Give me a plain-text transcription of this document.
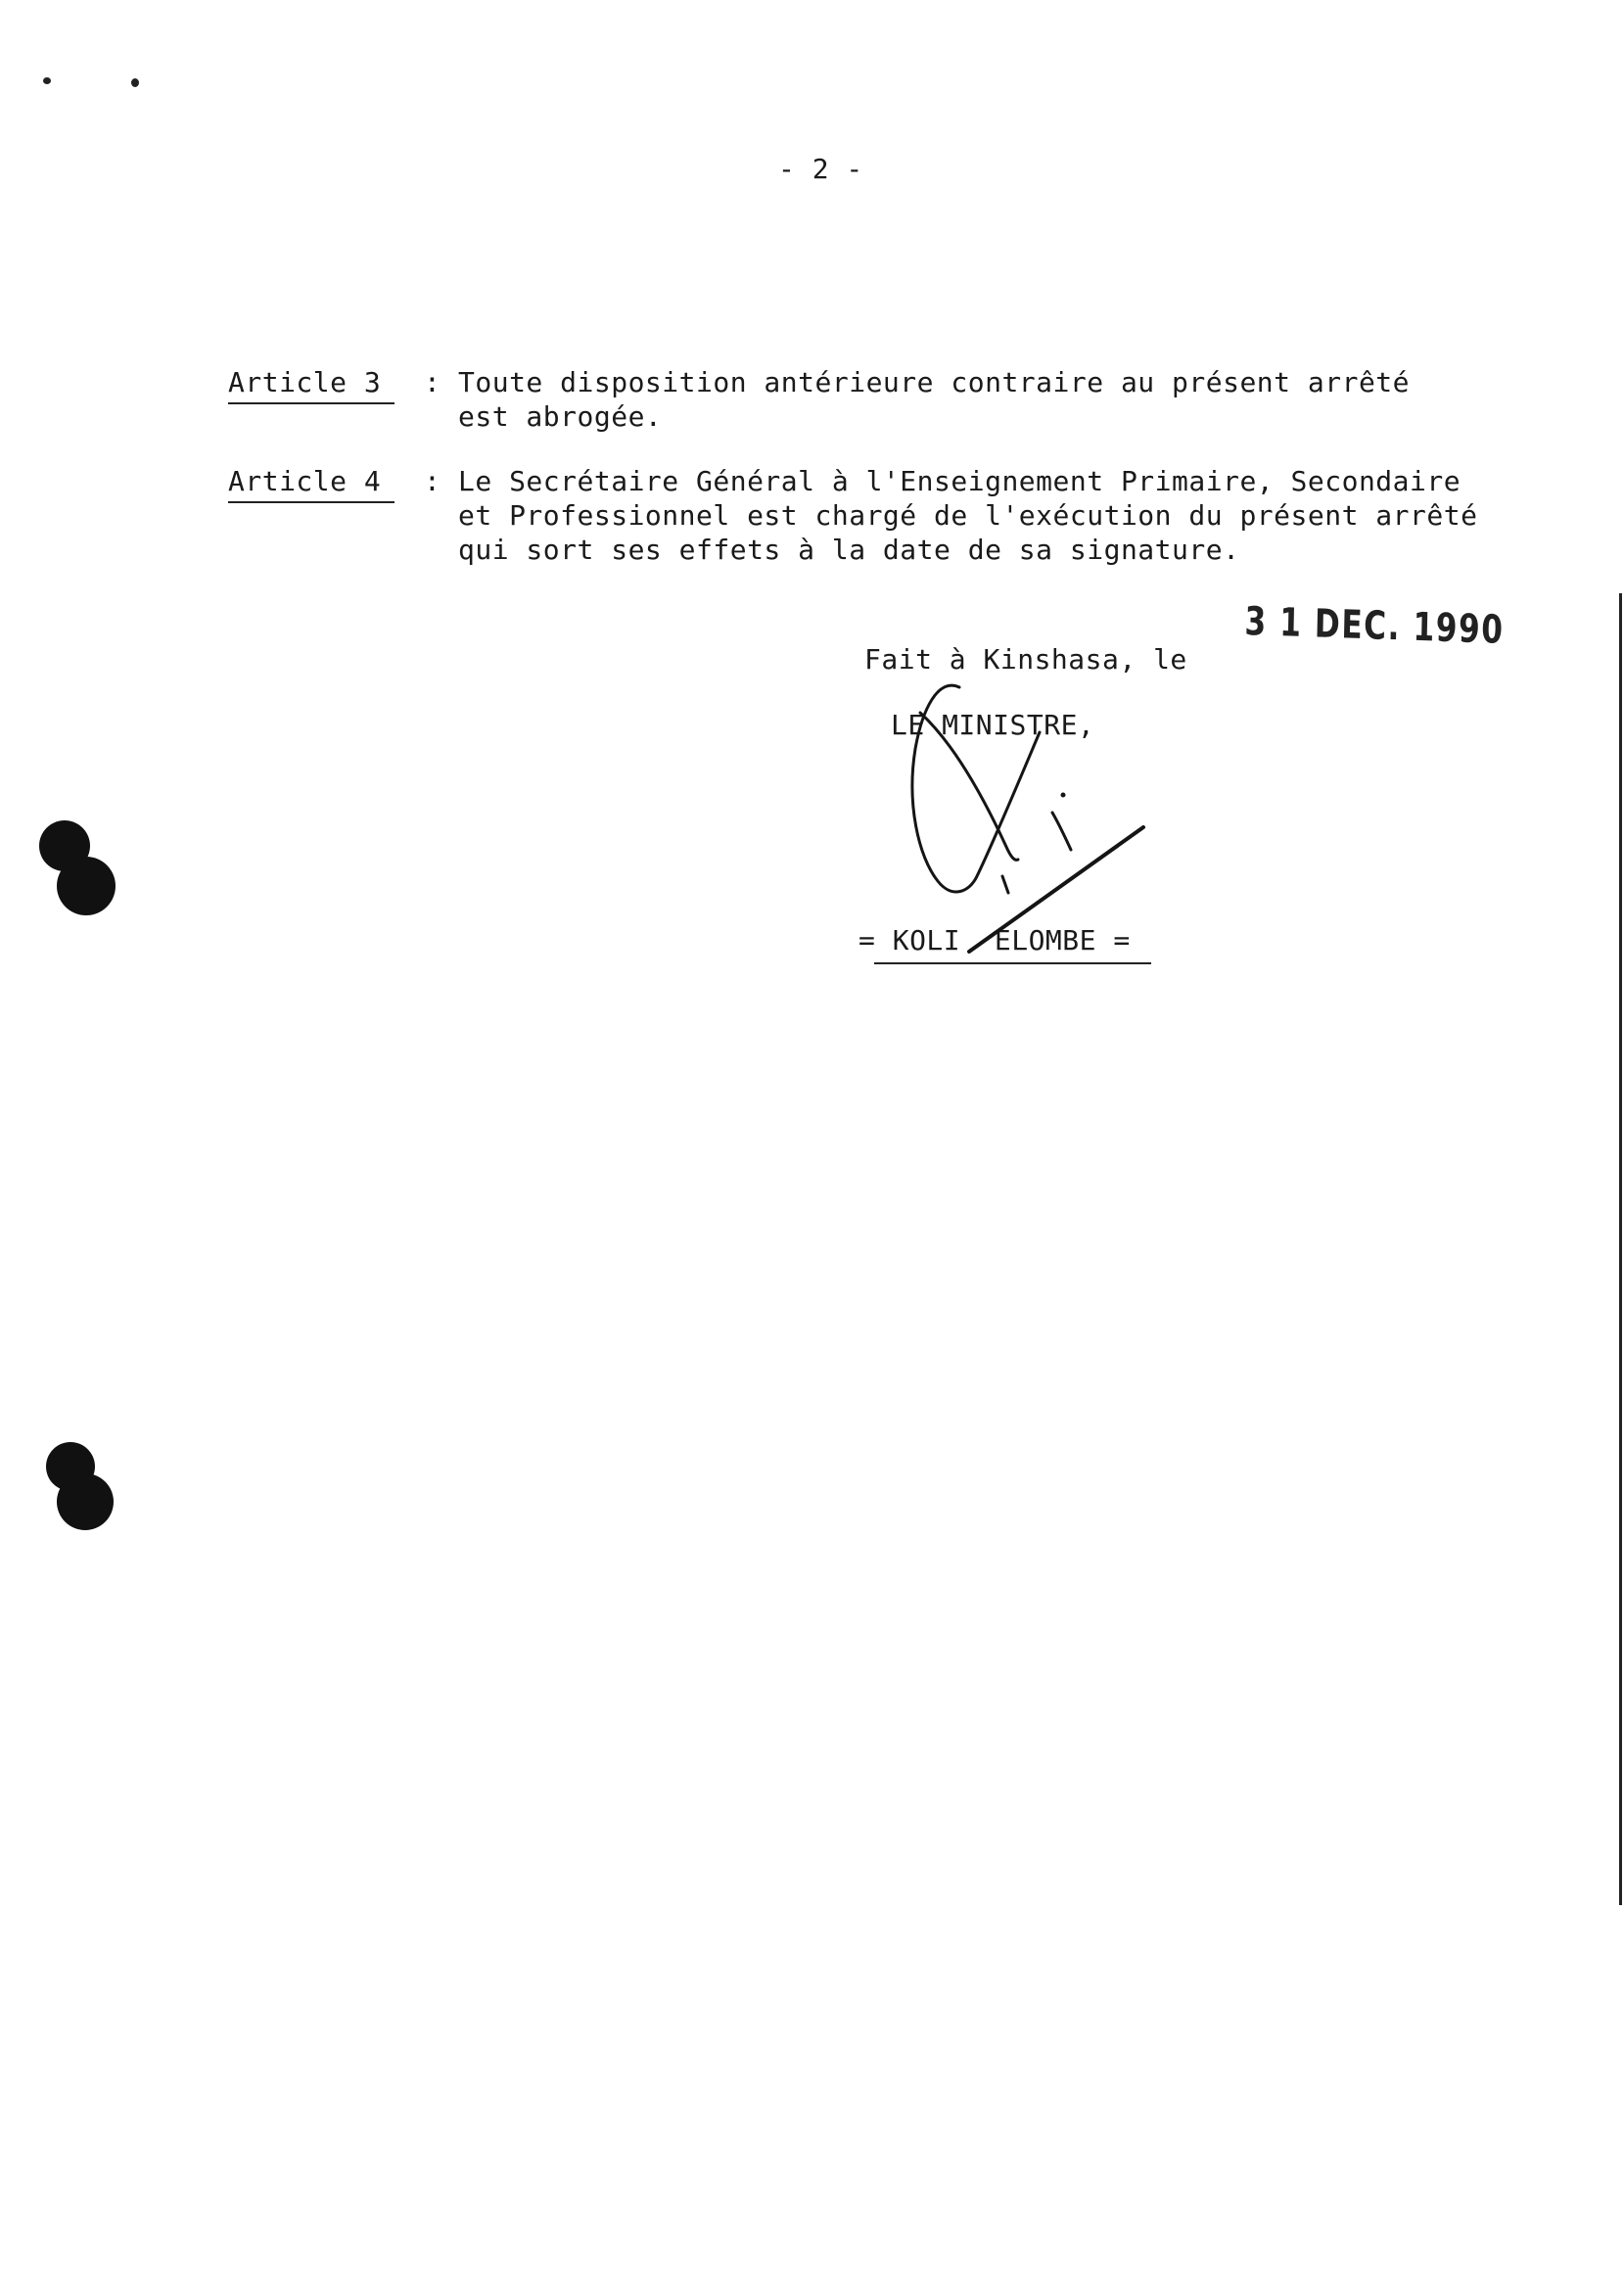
- 2 -

Article 3

	:

Toute disposition antérieure contraire au présent arrêté
est abrogée.

Article 4

	:

Le Secrétaire Général à l'Enseignement Primaire, Secondaire
et Professionnel est chargé de l'exécution du présent arrêté
qui sort ses effets à la date de sa signature.

3 1 DEC. 1990
Fait à Kinshasa, le
LE MINISTRE,
= KOLI  ELOMBE =
